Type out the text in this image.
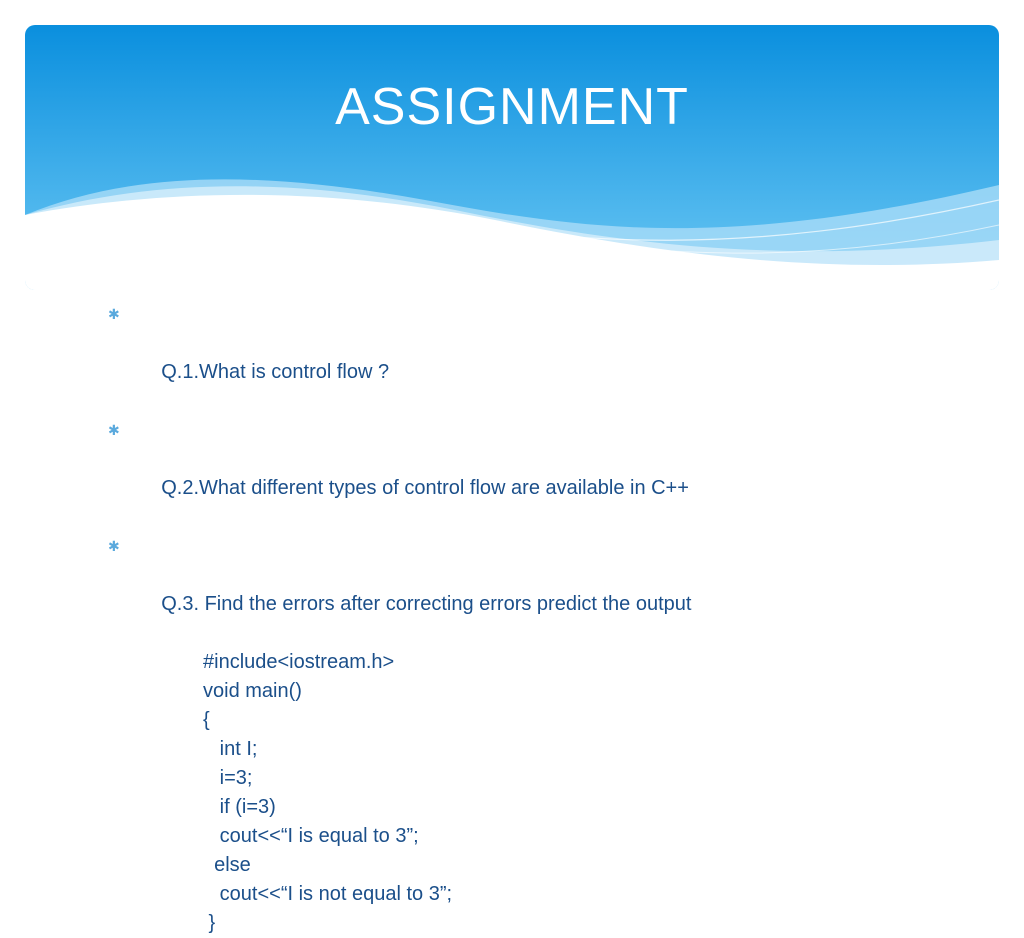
ASSIGNMENT

✱

Q.1.What is control flow ?

✱

Q.2.What different types of control flow are available in C++

✱

Q.3. Find the errors after correcting errors predict the output

#include<iostream.h>
void main()
{
int I;
i=3;
if (i=3)
cout<<“I is equal to 3”;
else
cout<<“I is not equal to 3”;
}
